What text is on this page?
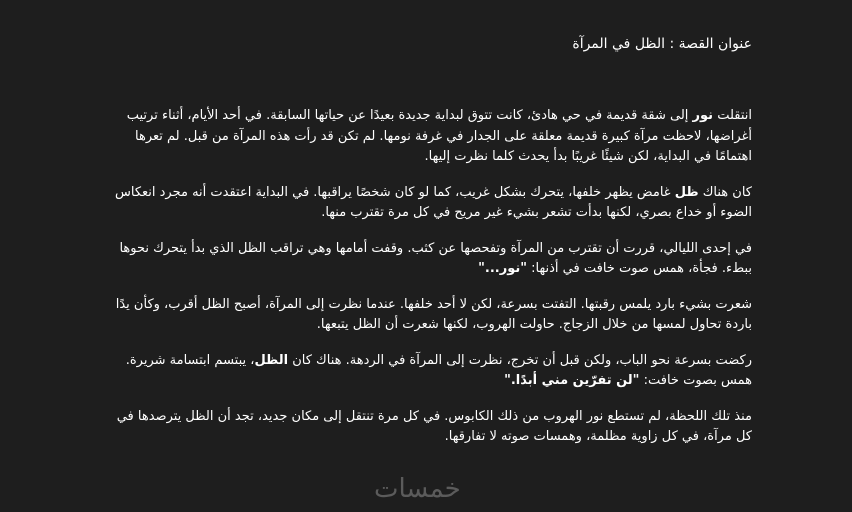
عنوان القصة : الظل في المرآة

انتقلت نور إلى شقة قديمة في حي هادئ، كانت تتوق لبداية جديدة بعيدًا عن حياتها السابقة. في أحد الأيام، أثناء ترتيب أغراضها، لاحظت مرآة كبيرة قديمة معلقة على الجدار في غرفة نومها. لم تكن قد رأت هذه المرآة من قبل. لم تعرها اهتمامًا في البداية، لكن شيئًا غريبًا بدأ يحدث كلما نظرت إليها.

كان هناك ظل غامض يظهر خلفها، يتحرك بشكل غريب، كما لو كان شخصًا يراقبها. في البداية اعتقدت أنه مجرد انعكاس الضوء أو خداع بصري، لكنها بدأت تشعر بشيء غير مريح في كل مرة تقترب منها.

في إحدى الليالي، قررت أن تقترب من المرآة وتفحصها عن كثب. وقفت أمامها وهي تراقب الظل الذي بدأ يتحرك نحوها ببطء. فجأة، همس صوت خافت في أذنها: "نور..."

شعرت بشيء بارد يلمس رقبتها. التفتت بسرعة، لكن لا أحد خلفها. عندما نظرت إلى المرآة، أصبح الظل أقرب، وكأن يدًا باردة تحاول لمسها من خلال الزجاج. حاولت الهروب، لكنها شعرت أن الظل يتبعها.

ركضت بسرعة نحو الباب، ولكن قبل أن تخرج، نظرت إلى المرآة في الردهة. هناك كان الظل، يبتسم ابتسامة شريرة. همس بصوت خافت: "لن تفرّين مني أبدًا."

منذ تلك اللحظة، لم تستطع نور الهروب من ذلك الكابوس. في كل مرة تنتقل إلى مكان جديد، تجد أن الظل يترصدها في كل مرآة، في كل زاوية مظلمة، وهمسات صوته لا تفارقها.

خمسات
